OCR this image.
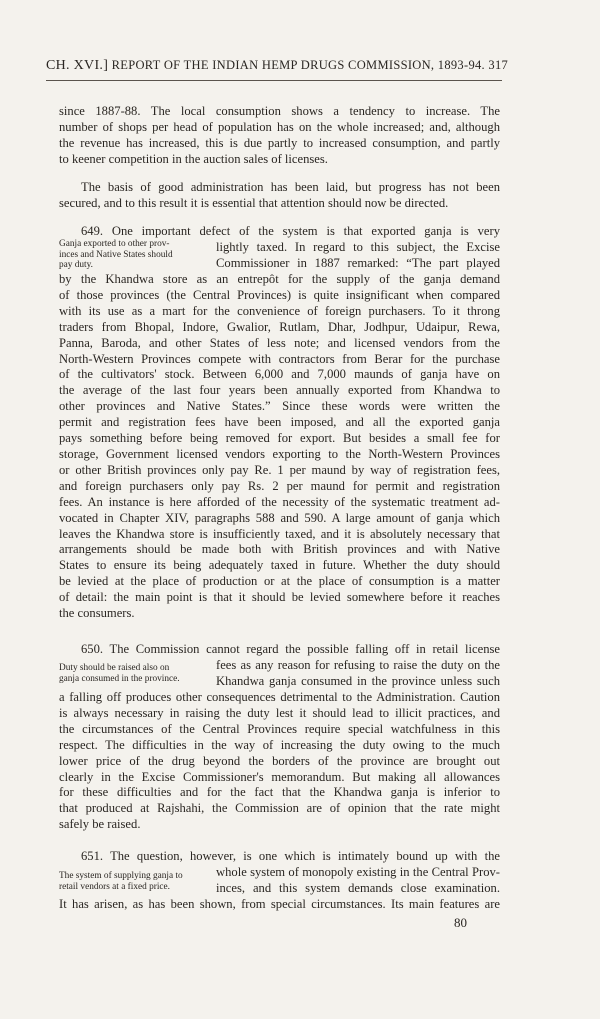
CH. XVI.] REPORT OF THE INDIAN HEMP DRUGS COMMISSION, 1893-94. 317
since 1887-88. The local consumption shows a tendency to increase. The
number of shops per head of population has on the whole increased; and, although
the revenue has increased, this is due partly to increased consumption, and partly
to keener competition in the auction sales of licenses.
The basis of good administration has been laid, but progress has not been
secured, and to this result it is essential that attention should now be directed.
649. One important defect of the system is that exported ganja is very
Ganja exported to other prov-
inces and Native States should
pay duty.
lightly taxed. In regard to this subject, the Excise
Commissioner in 1887 remarked: “The part played
by the Khandwa store as an entrepôt for the supply of the ganja demand
of those provinces (the Central Provinces) is quite insignificant when compared
with its use as a mart for the convenience of foreign purchasers. To it throng
traders from Bhopal, Indore, Gwalior, Rutlam, Dhar, Jodhpur, Udaipur, Rewa,
Panna, Baroda, and other States of less note; and licensed vendors from the
North-Western Provinces compete with contractors from Berar for the purchase
of the cultivators' stock. Between 6,000 and 7,000 maunds of ganja have on
the average of the last four years been annually exported from Khandwa to
other provinces and Native States.” Since these words were written the
permit and registration fees have been imposed, and all the exported ganja
pays something before being removed for export. But besides a small fee for
storage, Government licensed vendors exporting to the North-Western Provinces
or other British provinces only pay Re. 1 per maund by way of registration fees,
and foreign purchasers only pay Rs. 2 per maund for permit and registration
fees. An instance is here afforded of the necessity of the systematic treatment ad-
vocated in Chapter XIV, paragraphs 588 and 590. A large amount of ganja which
leaves the Khandwa store is insufficiently taxed, and it is absolutely necessary that
arrangements should be made both with British provinces and with Native
States to ensure its being adequately taxed in future. Whether the duty should
be levied at the place of production or at the place of consumption is a matter
of detail: the main point is that it should be levied somewhere before it reaches
the consumers.
650. The Commission cannot regard the possible falling off in retail license
Duty should be raised also on
ganja consumed in the province.
fees as any reason for refusing to raise the duty on the
Khandwa ganja consumed in the province unless such
a falling off produces other consequences detrimental to the Administration. Caution
is always necessary in raising the duty lest it should lead to illicit practices, and
the circumstances of the Central Provinces require special watchfulness in this
respect. The difficulties in the way of increasing the duty owing to the much
lower price of the drug beyond the borders of the province are brought out
clearly in the Excise Commissioner's memorandum. But making all allowances
for these difficulties and for the fact that the Khandwa ganja is inferior to
that produced at Rajshahi, the Commission are of opinion that the rate might
safely be raised.
651. The question, however, is one which is intimately bound up with the
The system of supplying ganja to
retail vendors at a fixed price.
whole system of monopoly existing in the Central Prov-
inces, and this system demands close examination.
It has arisen, as has been shown, from special circumstances. Its main features are
80
